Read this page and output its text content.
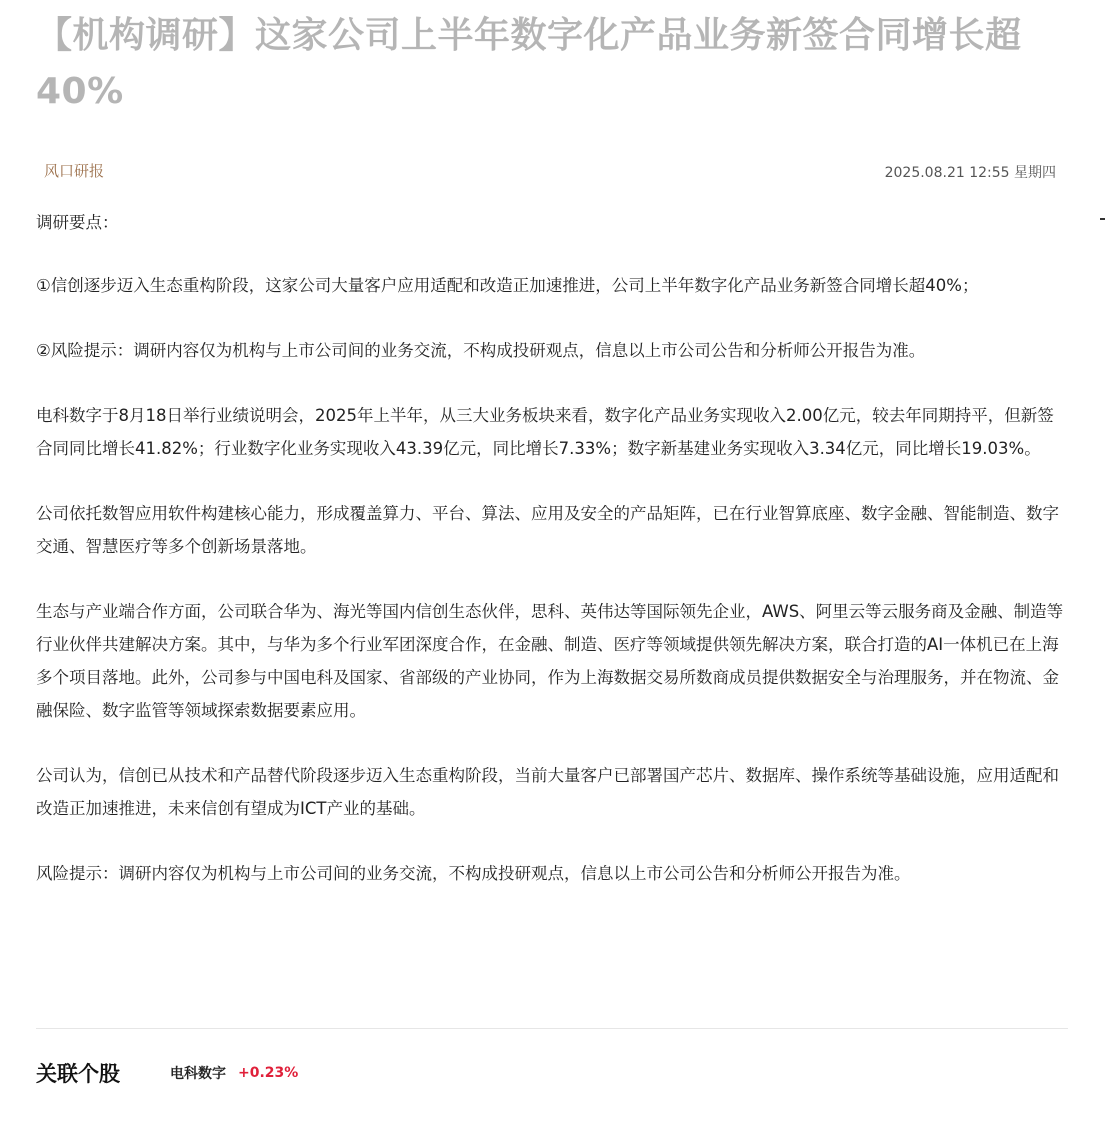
【机构调研】这家公司上半年数字化产品业务新签合同增长超40%
风口研报	2025.08.21 12:55 星期四

调研要点：

①信创逐步迈入生态重构阶段，这家公司大量客户应用适配和改造正加速推进，公司上半年数字化产品业务新签合同增长超40%；

②风险提示：调研内容仅为机构与上市公司间的业务交流，不构成投研观点，信息以上市公司公告和分析师公开报告为准。

电科数字于8月18日举行业绩说明会，2025年上半年，从三大业务板块来看，数字化产品业务实现收入2.00亿元，较去年同期持平，但新签合同同比增长41.82%；行业数字化业务实现收入43.39亿元，同比增长7.33%；数字新基建业务实现收入3.34亿元，同比增长19.03%。

公司依托数智应用软件构建核心能力，形成覆盖算力、平台、算法、应用及安全的产品矩阵，已在行业智算底座、数字金融、智能制造、数字交通、智慧医疗等多个创新场景落地。

生态与产业端合作方面，公司联合华为、海光等国内信创生态伙伴，思科、英伟达等国际领先企业，AWS、阿里云等云服务商及金融、制造等行业伙伴共建解决方案。其中，与华为多个行业军团深度合作，在金融、制造、医疗等领域提供领先解决方案，联合打造的AI一体机已在上海多个项目落地。此外，公司参与中国电科及国家、省部级的产业协同，作为上海数据交易所数商成员提供数据安全与治理服务，并在物流、金融保险、数字监管等领域探索数据要素应用。

公司认为，信创已从技术和产品替代阶段逐步迈入生态重构阶段，当前大量客户已部署国产芯片、数据库、操作系统等基础设施，应用适配和改造正加速推进，未来信创有望成为ICT产业的基础。

风险提示：调研内容仅为机构与上市公司间的业务交流，不构成投研观点，信息以上市公司公告和分析师公开报告为准。

关联个股	电科数字 +0.23%
